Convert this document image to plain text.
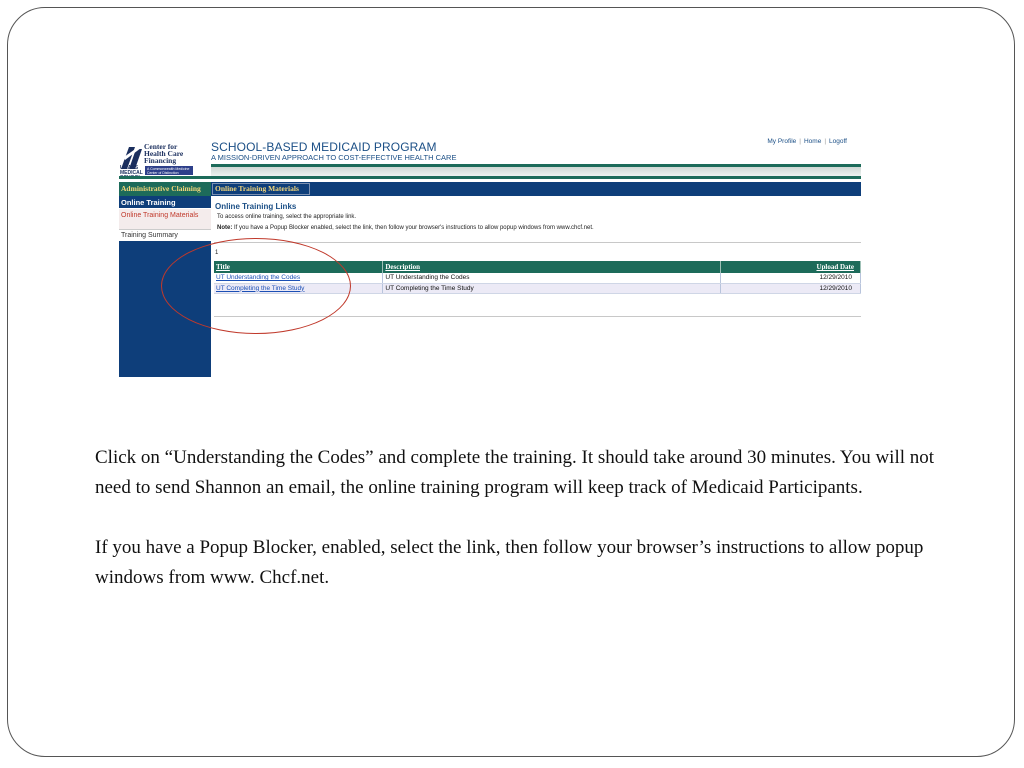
Center for
Health Care
Financing
UMASS MEDICAL
A Commonwealth Medicine Center of Distinction
SCHOOL-BASED MEDICAID PROGRAM
A MISSION-DRIVEN APPROACH TO COST-EFFECTIVE HEALTH CARE
My Profile | Home | Logoff
Administrative Claiming	Online Training Materials
Online Training
Online Training Materials
Training Summary
Online Training Links
To access online training, select the appropriate link.
Note: If you have a Popup Blocker enabled, select the link, then follow your browser's instructions to allow popup windows from www.chcf.net.
1
Title	Description	Upload Date
UT Understanding the Codes	UT Understanding the Codes	12/29/2010
UT Completing the Time Study	UT Completing the Time Study	12/29/2010

Click on “Understanding the Codes” and complete the training. It should take around 30 minutes. You will not need to send Shannon an email, the online training program will keep track of Medicaid Participants.

If you have a Popup Blocker, enabled, select the link, then follow your browser’s instructions to allow popup windows from www. Chcf.net.
